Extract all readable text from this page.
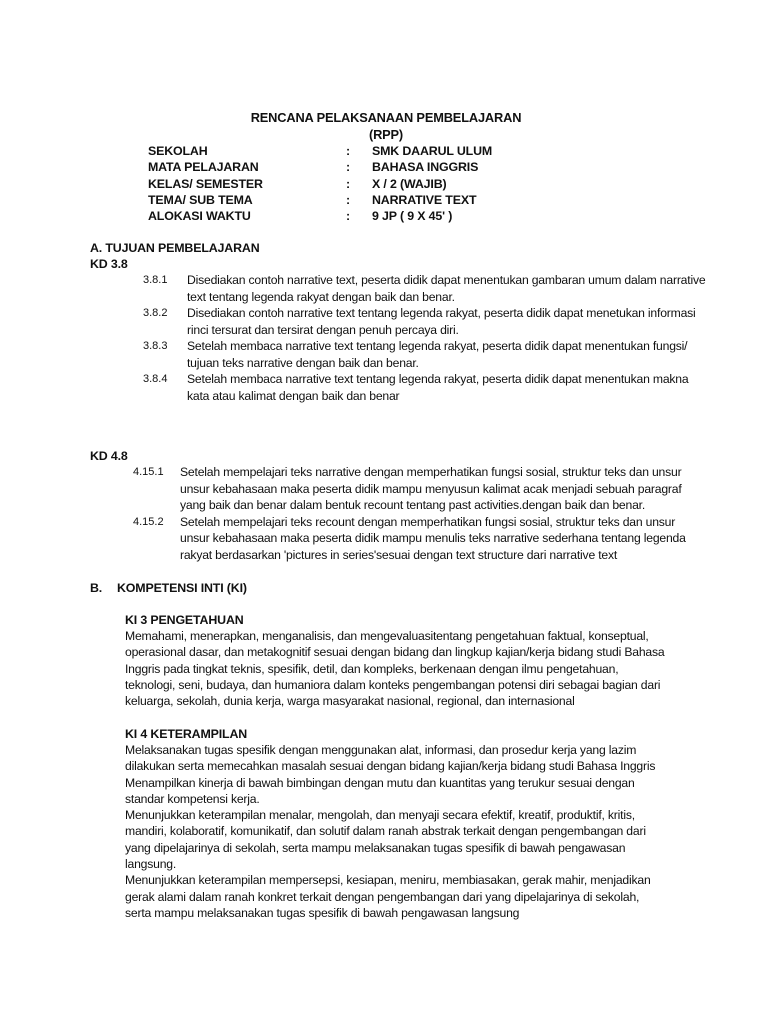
RENCANA PELAKSANAAN PEMBELAJARAN
(RPP)
SEKOLAH	: SMK DAARUL ULUM
MATA PELAJARAN	: BAHASA INGGRIS
KELAS/ SEMESTER	: X / 2 (WAJIB)
TEMA/ SUB TEMA	: NARRATIVE TEXT
ALOKASI WAKTU	: 9 JP ( 9 X 45' )
A. TUJUAN PEMBELAJARAN
KD 3.8
3.8.1 Disediakan contoh narrative text, peserta didik dapat menentukan gambaran umum dalam narrative
text tentang legenda rakyat dengan baik dan benar.
3.8.2 Disediakan contoh narrative text tentang legenda rakyat, peserta didik dapat menetukan informasi
rinci tersurat dan tersirat dengan penuh percaya diri.
3.8.3 Setelah membaca narrative text tentang legenda rakyat, peserta didik dapat menentukan fungsi/
tujuan teks narrative dengan baik dan benar.
3.8.4 Setelah membaca narrative text tentang legenda rakyat, peserta didik dapat menentukan makna
kata atau kalimat dengan baik dan benar
KD 4.8
4.15.1 Setelah mempelajari teks narrative dengan memperhatikan fungsi sosial, struktur teks dan unsur
unsur kebahasaan maka peserta didik mampu menyusun kalimat acak menjadi sebuah paragraf
yang baik dan benar dalam bentuk recount tentang past activities.dengan baik dan benar.
4.15.2 Setelah mempelajari teks recount dengan memperhatikan fungsi sosial, struktur teks dan unsur
unsur kebahasaan maka peserta didik mampu menulis teks narrative sederhana tentang legenda
rakyat berdasarkan 'pictures in series'sesuai dengan text structure dari narrative text
B. KOMPETENSI INTI (KI)
KI 3 PENGETAHUAN

Memahami, menerapkan, menganalisis, dan mengevaluasitentang pengetahuan faktual, konseptual, operasional dasar, dan metakognitif sesuai dengan bidang dan lingkup kajian/kerja bidang studi Bahasa Inggris pada tingkat teknis, spesifik, detil, dan kompleks, berkenaan dengan ilmu pengetahuan, teknologi, seni, budaya, dan humaniora dalam konteks pengembangan potensi diri sebagai bagian dari keluarga, sekolah, dunia kerja, warga masyarakat nasional, regional, dan internasional

KI 4 KETERAMPILAN

Melaksanakan tugas spesifik dengan menggunakan alat, informasi, dan prosedur kerja yang lazim dilakukan serta memecahkan masalah sesuai dengan bidang kajian/kerja bidang studi Bahasa Inggris

Menampilkan kinerja di bawah bimbingan dengan mutu dan kuantitas yang terukur sesuai dengan standar kompetensi kerja.

Menunjukkan keterampilan menalar, mengolah, dan menyaji secara efektif, kreatif, produktif, kritis, mandiri, kolaboratif, komunikatif, dan solutif dalam ranah abstrak terkait dengan pengembangan dari yang dipelajarinya di sekolah, serta mampu melaksanakan tugas spesifik di bawah pengawasan langsung.

Menunjukkan keterampilan mempersepsi, kesiapan, meniru, membiasakan, gerak mahir, menjadikan gerak alami dalam ranah konkret terkait dengan pengembangan dari yang dipelajarinya di sekolah, serta mampu melaksanakan tugas spesifik di bawah pengawasan langsung
